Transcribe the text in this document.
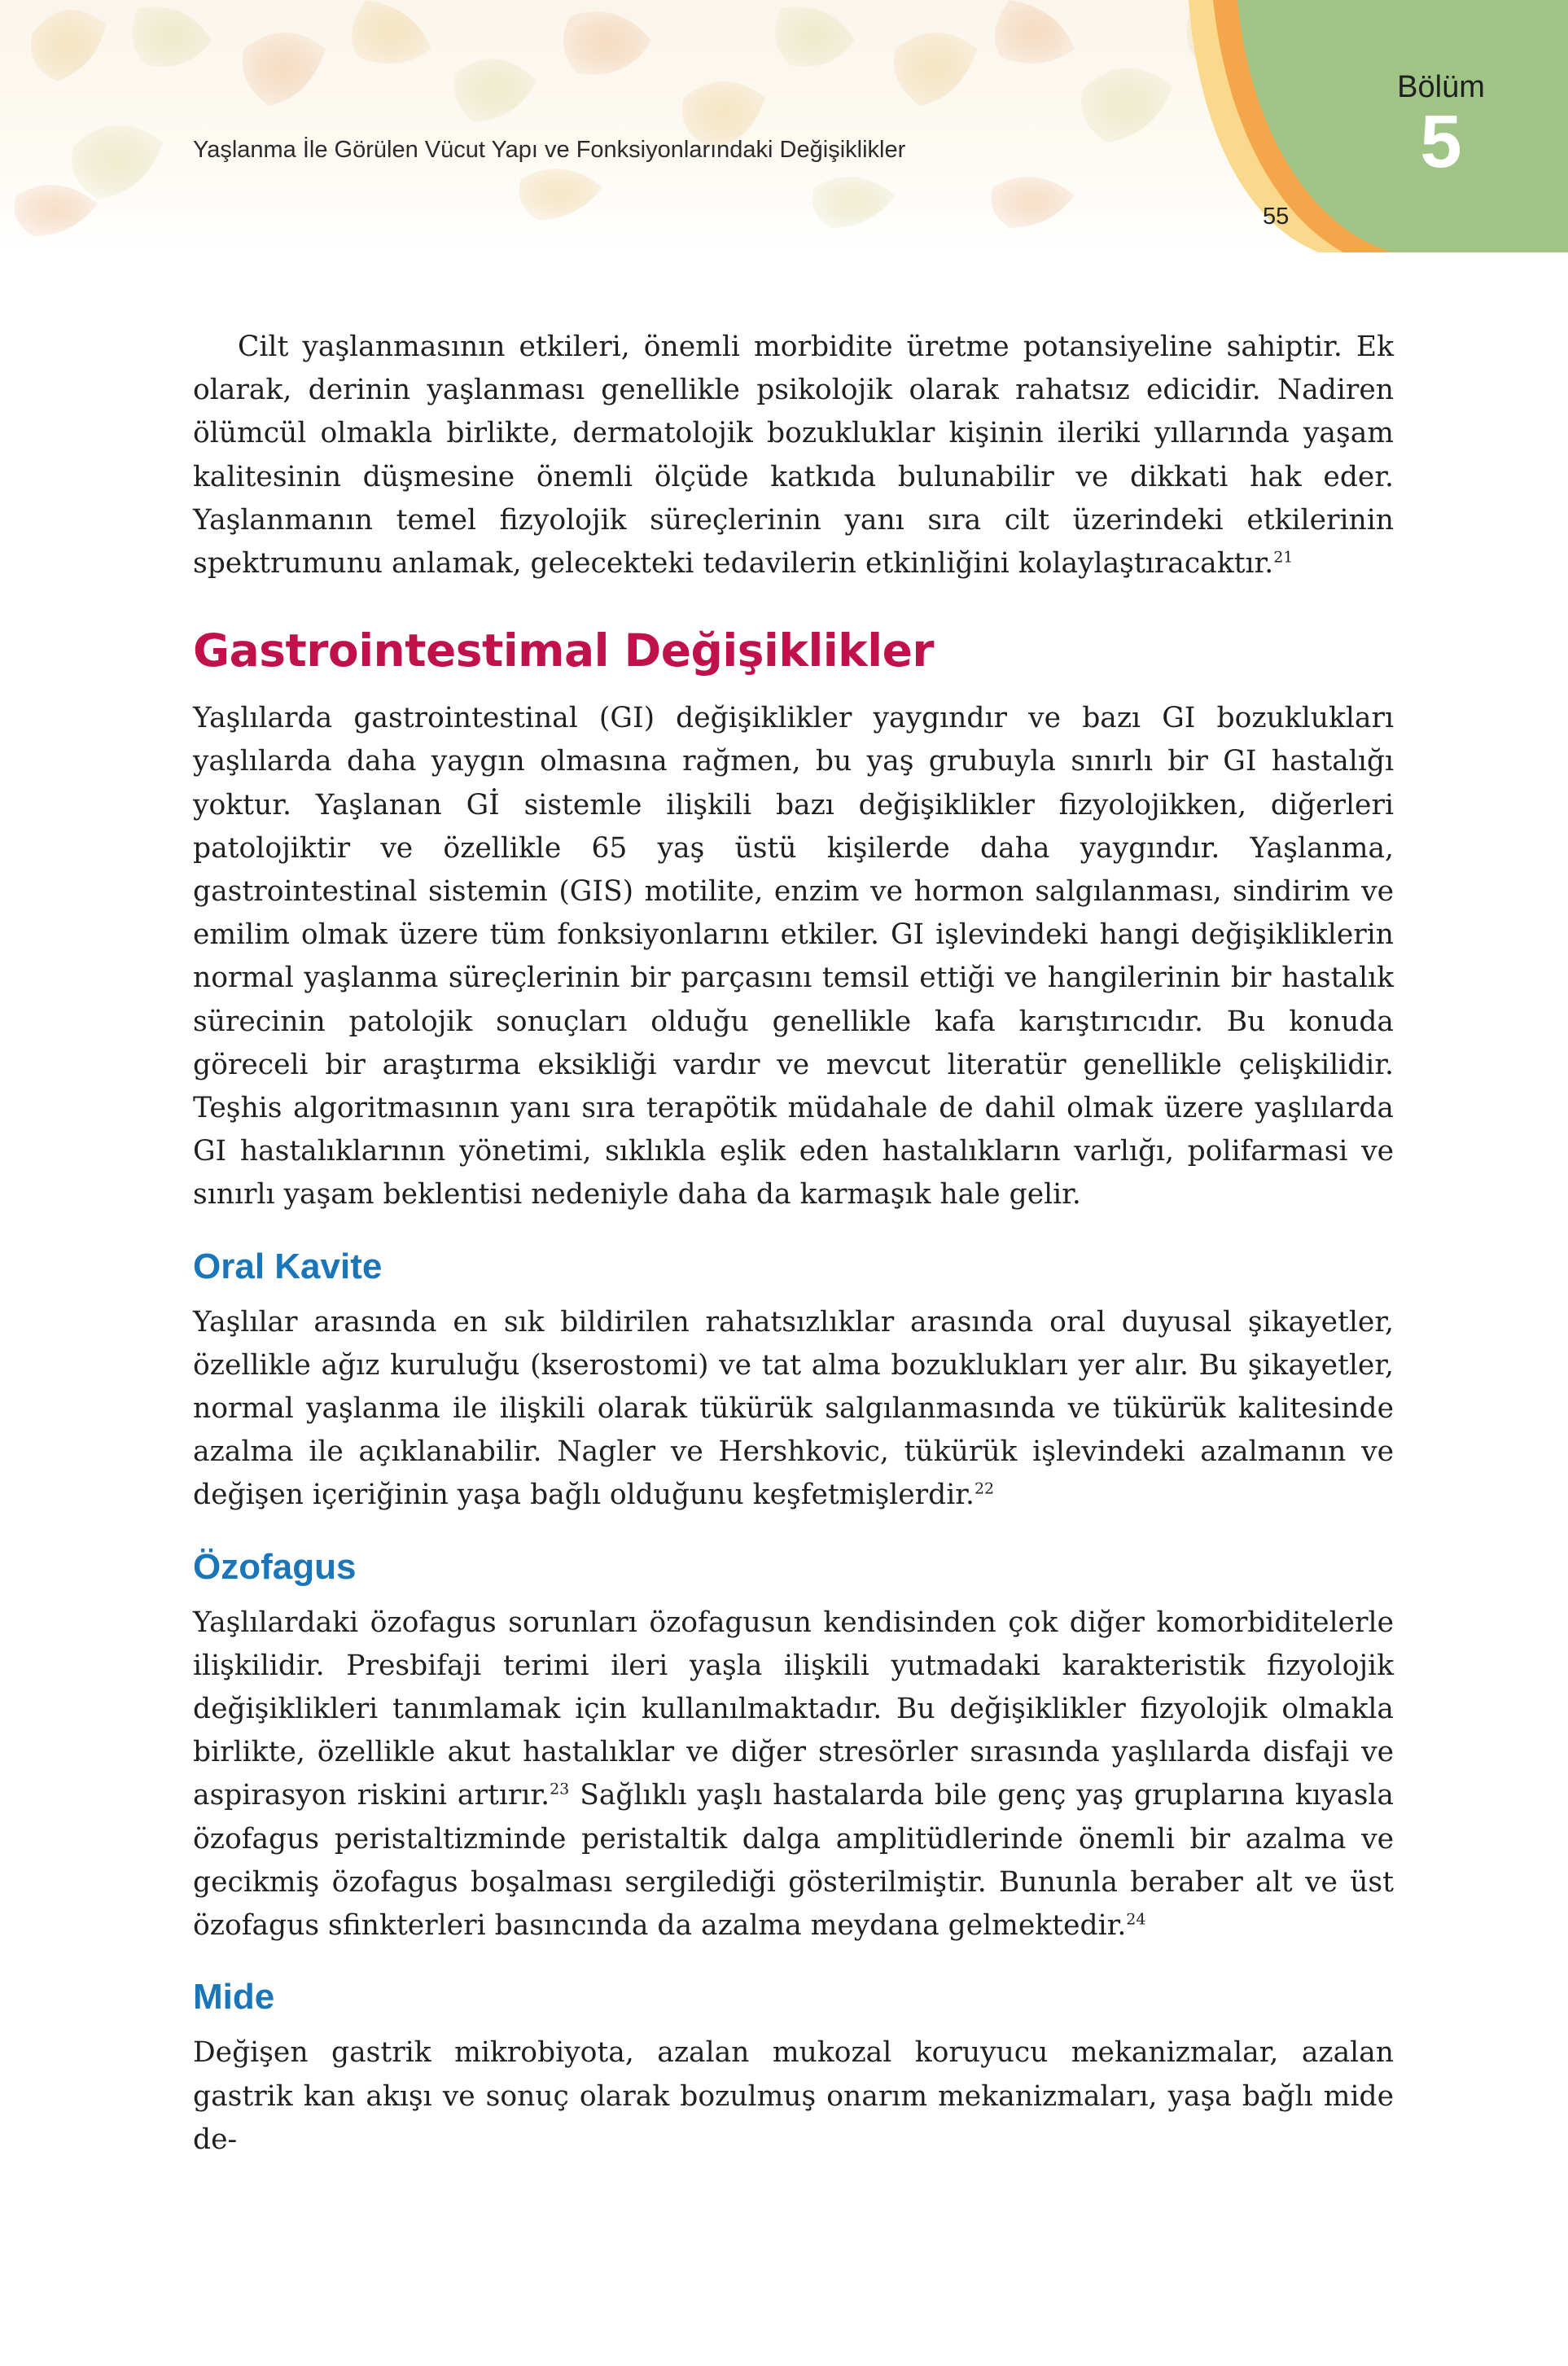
Yaşlanma İle Görülen Vücut Yapı ve Fonksiyonlarındaki Değişiklikler
55
Bölüm
5

Cilt yaşlanmasının etkileri, önemli morbidite üretme potansiyeline sahiptir. Ek olarak, derinin yaşlanması genellikle psikolojik olarak rahatsız edicidir. Nadiren ölümcül olmakla birlikte, dermatolojik bozukluklar kişinin ileriki yıllarında yaşam kalitesinin düşmesine önemli ölçüde katkıda bulunabilir ve dikkati hak eder. Yaşlanmanın temel fizyolojik süreçlerinin yanı sıra cilt üzerindeki etkilerinin spektrumunu anlamak, gelecekteki tedavilerin etkinliğini kolaylaştıracaktır.$^{21}$

Gastrointestimal Değişiklikler

Yaşlılarda gastrointestinal (GI) değişiklikler yaygındır ve bazı GI bozuklukları yaşlılarda daha yaygın olmasına rağmen, bu yaş grubuyla sınırlı bir GI hastalığı yoktur. Yaşlanan Gİ sistemle ilişkili bazı değişiklikler fizyolojikken, diğerleri patolojiktir ve özellikle 65 yaş üstü kişilerde daha yaygındır. Yaşlanma, gastrointestinal sistemin (GIS) motilite, enzim ve hormon salgılanması, sindirim ve emilim olmak üzere tüm fonksiyonlarını etkiler. GI işlevindeki hangi değişikliklerin normal yaşlanma süreçlerinin bir parçasını temsil ettiği ve hangilerinin bir hastalık sürecinin patolojik sonuçları olduğu genellikle kafa karıştırıcıdır. Bu konuda göreceli bir araştırma eksikliği vardır ve mevcut literatür genellikle çelişkilidir. Teşhis algoritmasının yanı sıra terapötik müdahale de dahil olmak üzere yaşlılarda GI hastalıklarının yönetimi, sıklıkla eşlik eden hastalıkların varlığı, polifarmasi ve sınırlı yaşam beklentisi nedeniyle daha da karmaşık hale gelir.

Oral Kavite

Yaşlılar arasında en sık bildirilen rahatsızlıklar arasında oral duyusal şikayetler, özellikle ağız kuruluğu (kserostomi) ve tat alma bozuklukları yer alır. Bu şikayetler, normal yaşlanma ile ilişkili olarak tükürük salgılanmasında ve tükürük kalitesinde azalma ile açıklanabilir. Nagler ve Hershkovic, tükürük işlevindeki azalmanın ve değişen içeriğinin yaşa bağlı olduğunu keşfetmişlerdir.$^{22}$

Özofagus

Yaşlılardaki özofagus sorunları özofagusun kendisinden çok diğer komorbiditelerle ilişkilidir. Presbifaji terimi ileri yaşla ilişkili yutmadaki karakteristik fizyolojik değişiklikleri tanımlamak için kullanılmaktadır. Bu değişiklikler fizyolojik olmakla birlikte, özellikle akut hastalıklar ve diğer stresörler sırasında yaşlılarda disfaji ve aspirasyon riskini artırır.$^{23}$ Sağlıklı yaşlı hastalarda bile genç yaş gruplarına kıyasla özofagus peristaltizminde peristaltik dalga amplitüdlerinde önemli bir azalma ve gecikmiş özofagus boşalması sergilediği gösterilmiştir. Bununla beraber alt ve üst özofagus sfinkterleri basıncında da azalma meydana gelmektedir.$^{24}$

Mide

Değişen gastrik mikrobiyota, azalan mukozal koruyucu mekanizmalar, azalan gastrik kan akışı ve sonuç olarak bozulmuş onarım mekanizmaları, yaşa bağlı mide de-
